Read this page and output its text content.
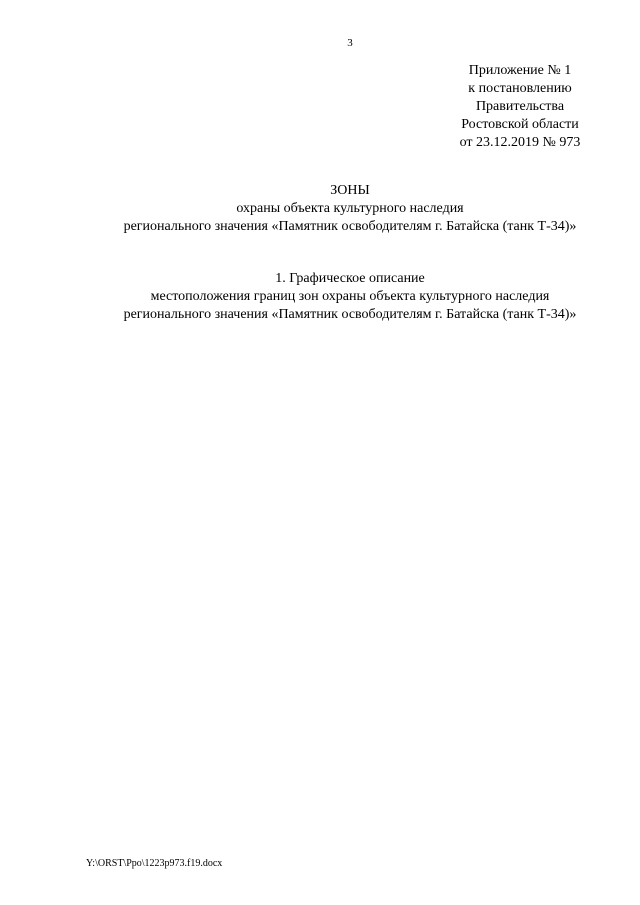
3
Приложение № 1
к постановлению
Правительства
Ростовской области
от 23.12.2019 № 973
ЗОНЫ
охраны объекта культурного наследия
регионального значения «Памятник освободителям г. Батайска (танк Т-34)»
1. Графическое описание
местоположения границ зон охраны объекта культурного наследия
регионального значения «Памятник освободителям г. Батайска (танк Т-34)»
Y:\ORST\Ppo\1223p973.f19.docx
